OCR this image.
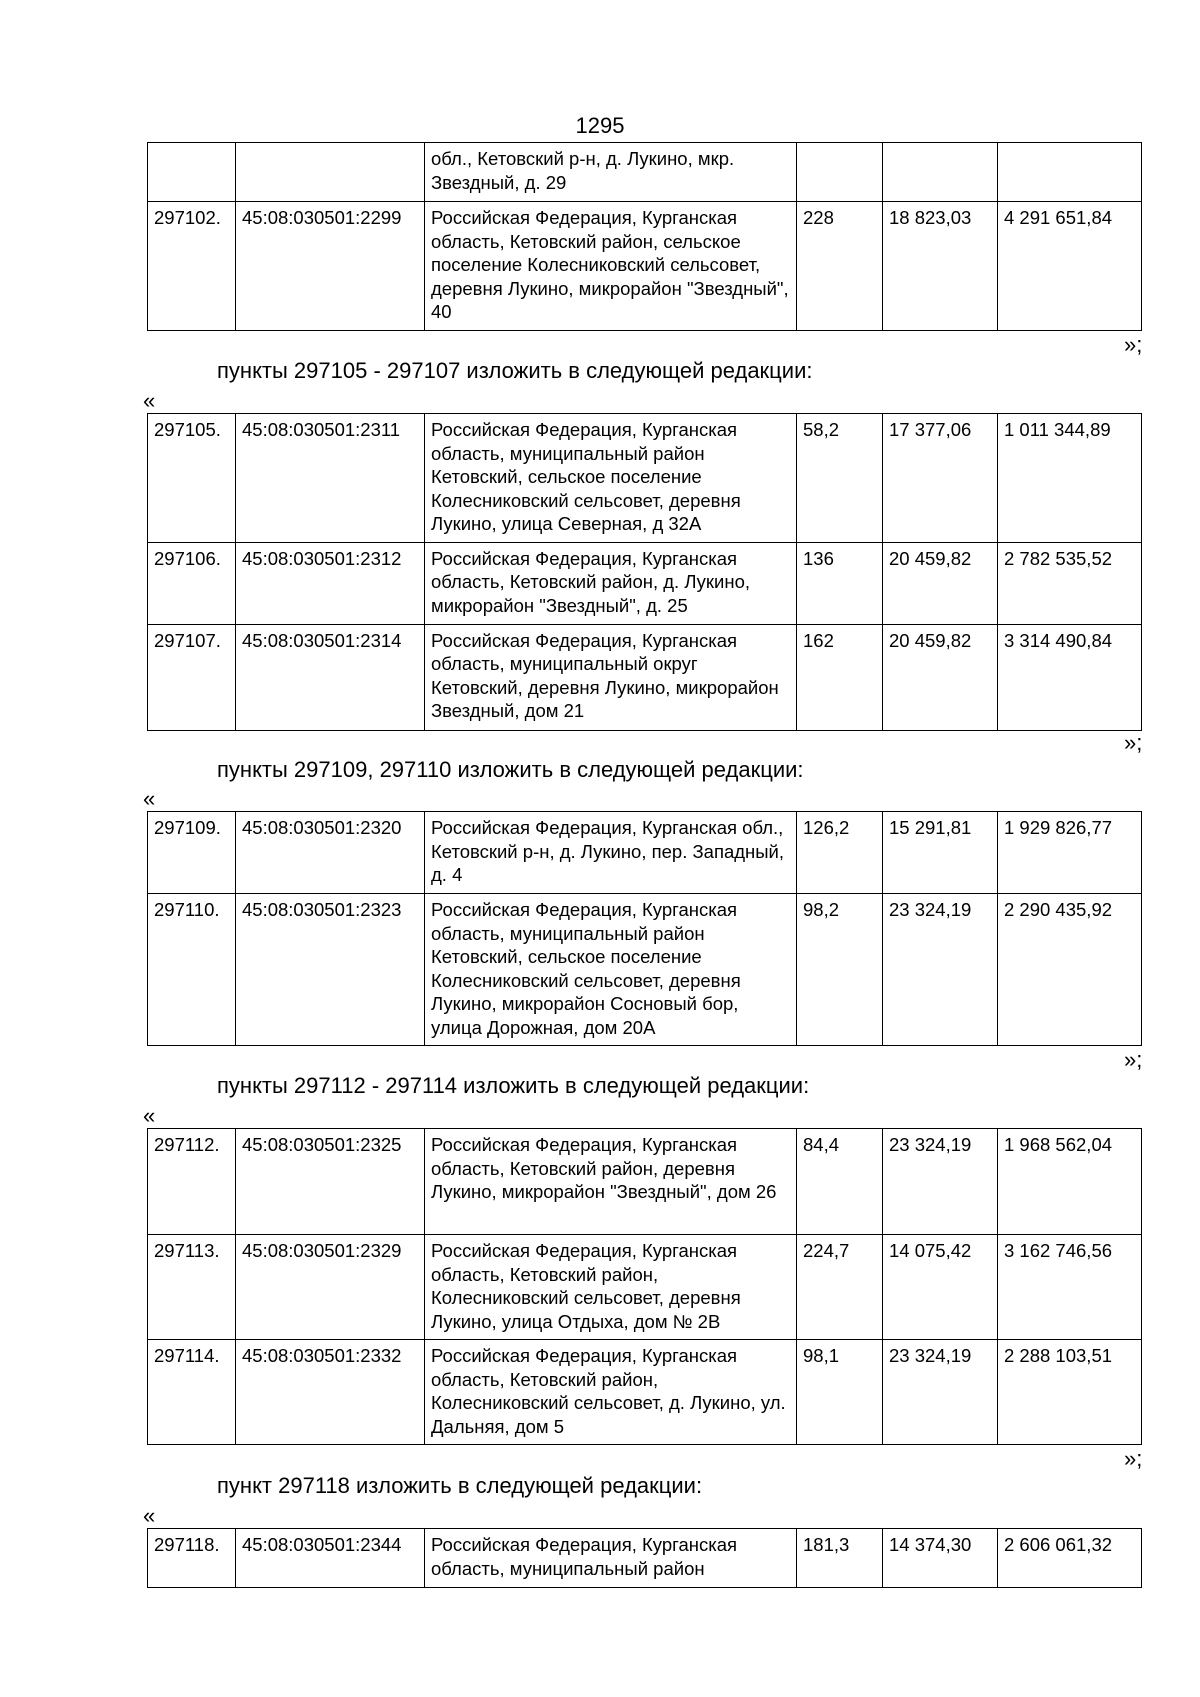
1295
		обл., Кетовский р-н, д. Лукино, мкр. Звездный, д. 29			
297102.	45:08:030501:2299	Российская Федерация, Курганская область, Кетовский район, сельское поселение Колесниковский сельсовет, деревня Лукино, микрорайон "Звездный", 40	228	18 823,03	4 291 651,84
»;
пункты 297105 - 297107 изложить в следующей редакции:
«
297105.	45:08:030501:2311	Российская Федерация, Курганская область, муниципальный район Кетовский, сельское поселение Колесниковский сельсовет, деревня Лукино, улица Северная, д 32А	58,2	17 377,06	1 011 344,89
297106.	45:08:030501:2312	Российская Федерация, Курганская область, Кетовский район, д. Лукино, микрорайон "Звездный", д. 25	136	20 459,82	2 782 535,52
297107.	45:08:030501:2314	Российская Федерация, Курганская область, муниципальный округ Кетовский, деревня Лукино, микрорайон Звездный, дом 21	162	20 459,82	3 314 490,84
»;
пункты 297109, 297110 изложить в следующей редакции:
«
297109.	45:08:030501:2320	Российская Федерация, Курганская обл., Кетовский р-н, д. Лукино, пер. Западный, д. 4	126,2	15 291,81	1 929 826,77
297110.	45:08:030501:2323	Российская Федерация, Курганская область, муниципальный район Кетовский, сельское поселение Колесниковский сельсовет, деревня Лукино, микрорайон Сосновый бор, улица Дорожная, дом 20А	98,2	23 324,19	2 290 435,92
»;
пункты 297112 - 297114 изложить в следующей редакции:
«
297112.	45:08:030501:2325	Российская Федерация, Курганская область, Кетовский район, деревня Лукино, микрорайон "Звездный", дом 26	84,4	23 324,19	1 968 562,04
297113.	45:08:030501:2329	Российская Федерация, Курганская область, Кетовский район, Колесниковский сельсовет, деревня Лукино, улица Отдыха, дом № 2В	224,7	14 075,42	3 162 746,56
297114.	45:08:030501:2332	Российская Федерация, Курганская область, Кетовский район, Колесниковский сельсовет, д. Лукино, ул. Дальняя, дом 5	98,1	23 324,19	2 288 103,51
»;
пункт 297118 изложить в следующей редакции:
«
297118.	45:08:030501:2344	Российская Федерация, Курганская область, муниципальный район	181,3	14 374,30	2 606 061,32
